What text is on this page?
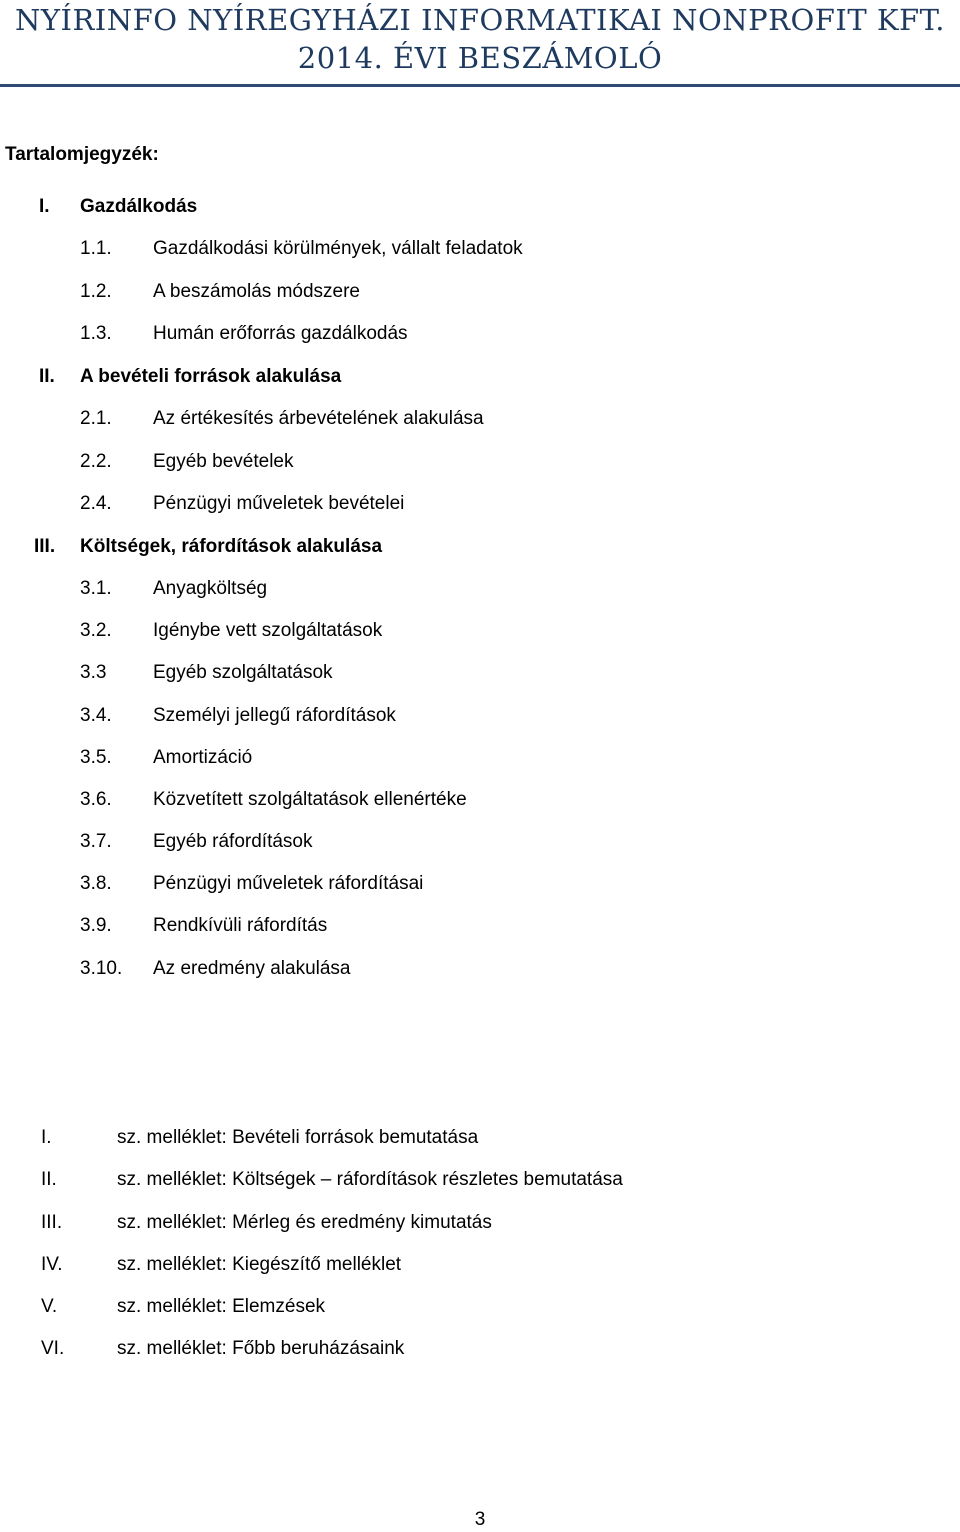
NYÍRINFO NYÍREGYHÁZI INFORMATIKAI NONPROFIT KFT.
2014. ÉVI BESZÁMOLÓ
Tartalomjegyzék:
I. Gazdálkodás
1.1. Gazdálkodási körülmények, vállalt feladatok
1.2. A beszámolás módszere
1.3. Humán erőforrás gazdálkodás
II. A bevételi források alakulása
2.1. Az értékesítés árbevételének alakulása
2.2. Egyéb bevételek
2.4. Pénzügyi műveletek bevételei
III. Költségek, ráfordítások alakulása
3.1. Anyagköltség
3.2. Igénybe vett szolgáltatások
3.3 Egyéb szolgáltatások
3.4. Személyi jellegű ráfordítások
3.5. Amortizáció
3.6. Közvetített szolgáltatások ellenértéke
3.7. Egyéb ráfordítások
3.8. Pénzügyi műveletek ráfordításai
3.9. Rendkívüli ráfordítás
3.10. Az eredmény alakulása
I.	sz. melléklet: Bevételi források bemutatása
II.	sz. melléklet: Költségek – ráfordítások részletes bemutatása
III.	sz. melléklet: Mérleg és eredmény kimutatás
IV.	sz. melléklet: Kiegészítő melléklet
V.	sz. melléklet: Elemzések
VI.	sz. melléklet: Főbb beruházásaink
3
